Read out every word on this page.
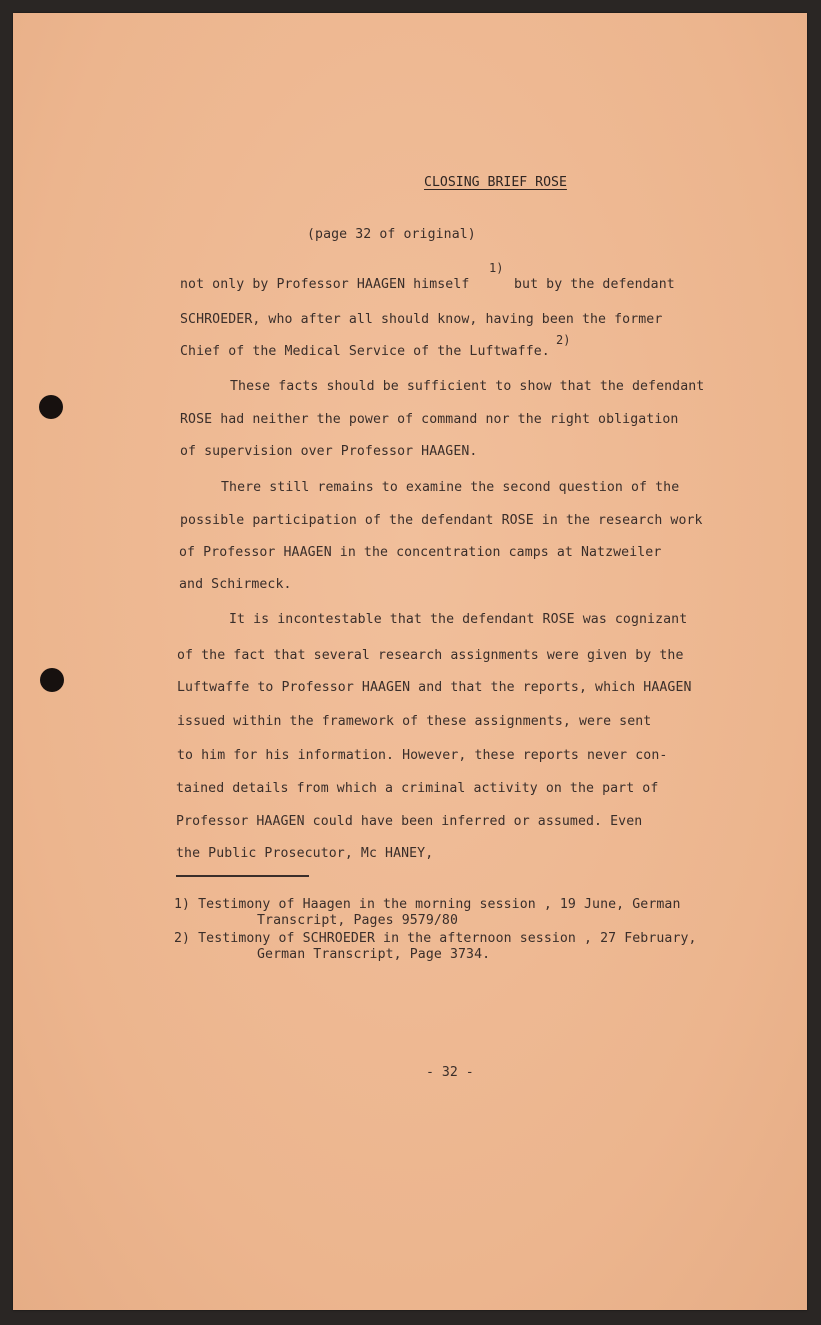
CLOSING BRIEF ROSE
(page 32 of original)
not only by Professor HAAGEN himself
1)
but by the defendant
SCHROEDER, who after all should know, having been the former
Chief of the Medical Service of the Luftwaffe.
2)
These facts should be sufficient to show that the defendant
ROSE had neither the power of command nor the right obligation
of supervision over Professor HAAGEN.
There still remains to examine the second question of the
possible participation of the defendant ROSE in the research work
of Professor HAAGEN in the concentration camps at Natzweiler
and Schirmeck.
It is incontestable that the defendant ROSE was cognizant
of the fact that several research assignments were given by the
Luftwaffe to Professor HAAGEN and that the reports, which HAAGEN
issued within the framework of these assignments, were sent
to him for his information. However, these reports never con-
tained details from which a criminal activity on the part of
Professor HAAGEN could have been inferred or assumed. Even
the Public Prosecutor, Mc HANEY,
1) Testimony of Haagen in the morning session , 19 June, German
Transcript, Pages 9579/80
2) Testimony of SCHROEDER in the afternoon session , 27 February,
German Transcript, Page 3734.
- 32 -
